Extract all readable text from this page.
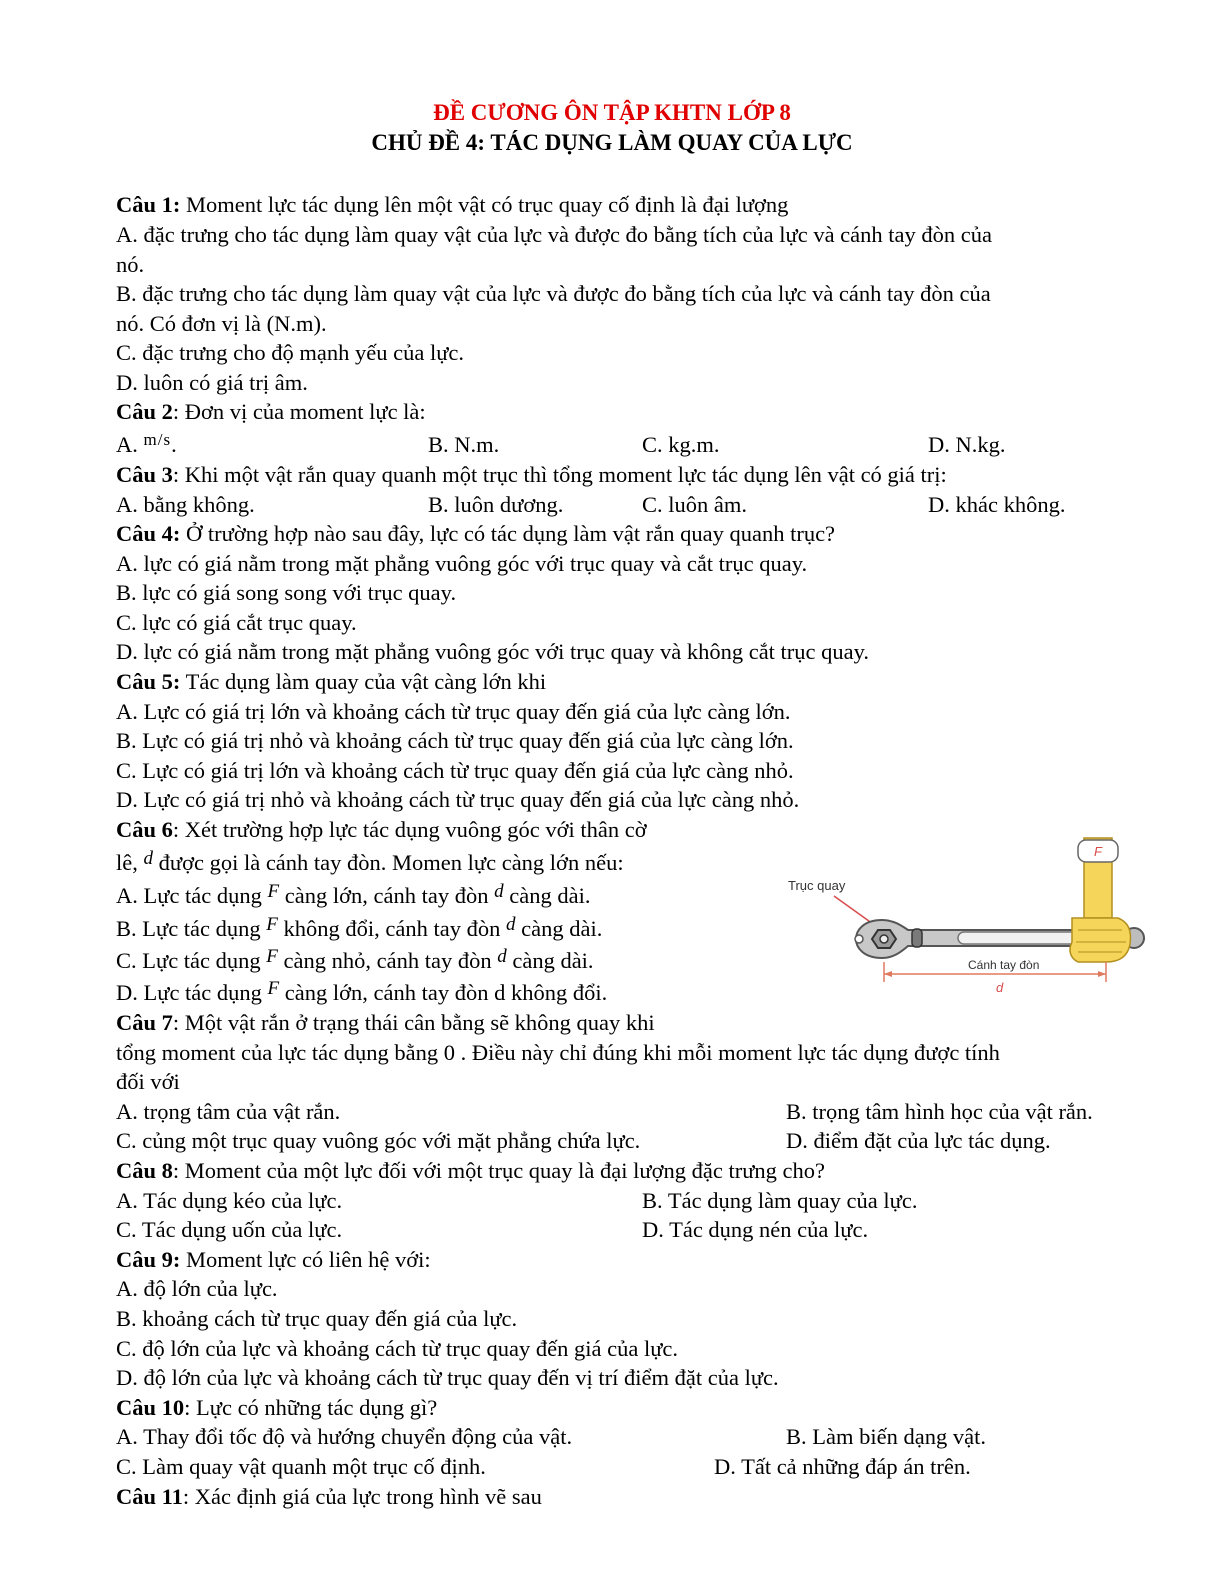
ĐỀ CƯƠNG ÔN TẬP KHTN LỚP 8
CHỦ ĐỀ 4: TÁC DỤNG LÀM QUAY CỦA LỰC
Câu 1: Moment lực tác dụng lên một vật có trục quay cố định là đại lượng
A. đặc trưng cho tác dụng làm quay vật của lực và được đo bằng tích của lực và cánh tay đòn của
nó.
B. đặc trưng cho tác dụng làm quay vật của lực và được đo bằng tích của lực và cánh tay đòn của
nó. Có đơn vị là (N.m).
C. đặc trưng cho độ mạnh yếu của lực.
D. luôn có giá trị âm.
Câu 2: Đơn vị của moment lực là:
A. $^{m/s}$.	B. N.m.	C. kg.m.	D. N.kg.
Câu 3: Khi một vật rắn quay quanh một trục thì tổng moment lực tác dụng lên vật có giá trị:
A. bằng không.	B. luôn dương.	C. luôn âm.	D. khác không.
Câu 4: Ở trường hợp nào sau đây, lực có tác dụng làm vật rắn quay quanh trục?
A. lực có giá nằm trong mặt phẳng vuông góc với trục quay và cắt trục quay.
B. lực có giá song song với trục quay.
C. lực có giá cắt trục quay.
D. lực có giá nằm trong mặt phẳng vuông góc với trục quay và không cắt trục quay.
Câu 5: Tác dụng làm quay của vật càng lớn khi
A. Lực có giá trị lớn và khoảng cách từ trục quay đến giá của lực càng lớn.
B. Lực có giá trị nhỏ và khoảng cách từ trục quay đến giá của lực càng lớn.
C. Lực có giá trị lớn và khoảng cách từ trục quay đến giá của lực càng nhỏ.
D. Lực có giá trị nhỏ và khoảng cách từ trục quay đến giá của lực càng nhỏ.
Câu 6: Xét trường hợp lực tác dụng vuông góc với thân cờ
lê, $^d$ được gọi là cánh tay đòn. Momen lực càng lớn nếu:
A. Lực tác dụng $^F$ càng lớn, cánh tay đòn $^d$ càng dài.
B. Lực tác dụng $^F$ không đổi, cánh tay đòn $^d$ càng dài.
C. Lực tác dụng $^F$ càng nhỏ, cánh tay đòn $^d$ càng dài.
D. Lực tác dụng $^F$ càng lớn, cánh tay đòn d không đổi.
Trục quay
F
Cánh tay đòn
d
Câu 7: Một vật rắn ở trạng thái cân bằng sẽ không quay khi
tổng moment của lực tác dụng bằng 0 . Điều này chỉ đúng khi mỗi moment lực tác dụng được tính
đối với
A. trọng tâm của vật rắn.	B. trọng tâm hình học của vật rắn.
C. củng một trục quay vuông góc với mặt phẳng chứa lực.	D. điểm đặt của lực tác dụng.
Câu 8: Moment của một lực đối với một trục quay là đại lượng đặc trưng cho?
A. Tác dụng kéo của lực.	B. Tác dụng làm quay của lực.
C. Tác dụng uốn của lực.	D. Tác dụng nén của lực.
Câu 9: Moment lực có liên hệ với:
A. độ lớn của lực.
B. khoảng cách từ trục quay đến giá của lực.
C. độ lớn của lực và khoảng cách từ trục quay đến giá của lực.
D. độ lớn của lực và khoảng cách từ trục quay đến vị trí điểm đặt của lực.
Câu 10: Lực có những tác dụng gì?
A. Thay đổi tốc độ và hướng chuyển động của vật.	B. Làm biến dạng vật.
C. Làm quay vật quanh một trục cố định.	D. Tất cả những đáp án trên.
Câu 11: Xác định giá của lực trong hình vẽ sau
